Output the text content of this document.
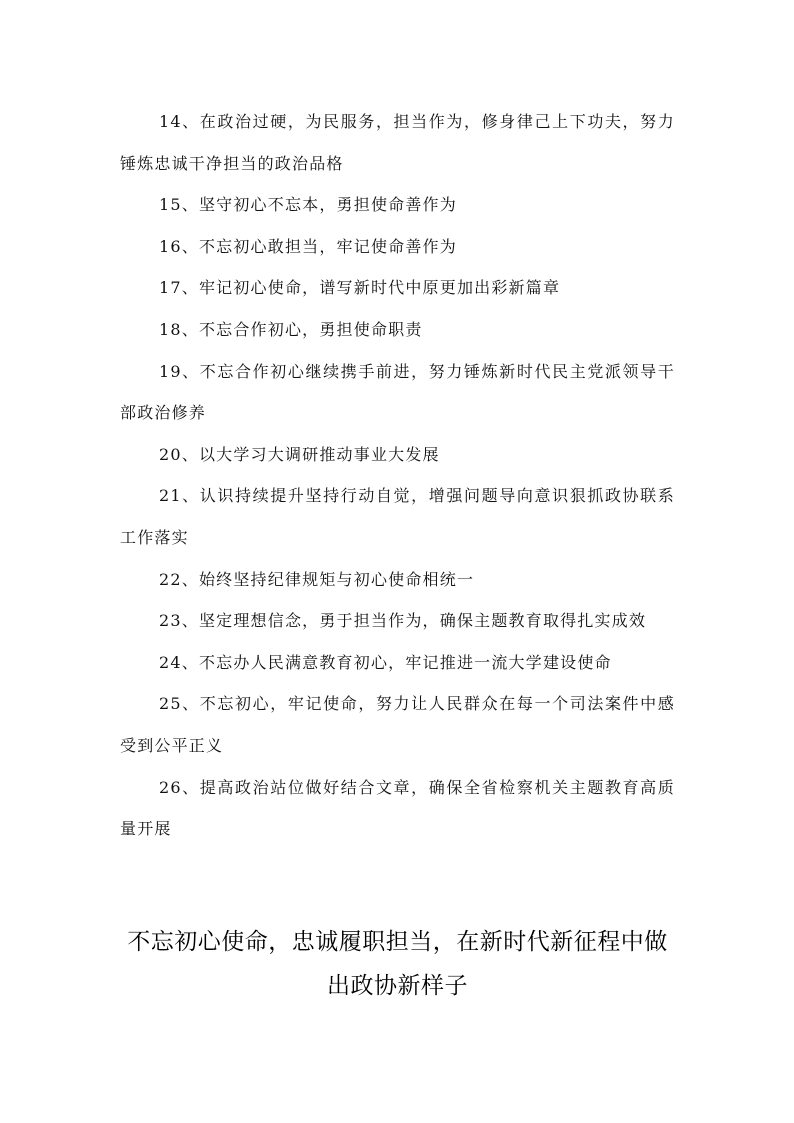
14、在政治过硬，为民服务，担当作为，修身律己上下功夫，努力锤炼忠诚干净担当的政治品格

15、坚守初心不忘本，勇担使命善作为

16、不忘初心敢担当，牢记使命善作为

17、牢记初心使命，谱写新时代中原更加出彩新篇章

18、不忘合作初心，勇担使命职责

19、不忘合作初心继续携手前进，努力锤炼新时代民主党派领导干部政治修养

20、以大学习大调研推动事业大发展

21、认识持续提升坚持行动自觉，增强问题导向意识狠抓政协联系工作落实

22、始终坚持纪律规矩与初心使命相统一

23、坚定理想信念，勇于担当作为，确保主题教育取得扎实成效

24、不忘办人民满意教育初心，牢记推进一流大学建设使命

25、不忘初心，牢记使命，努力让人民群众在每一个司法案件中感受到公平正义

26、提高政治站位做好结合文章，确保全省检察机关主题教育高质量开展

不忘初心使命，忠诚履职担当，在新时代新征程中做出政协新样子
